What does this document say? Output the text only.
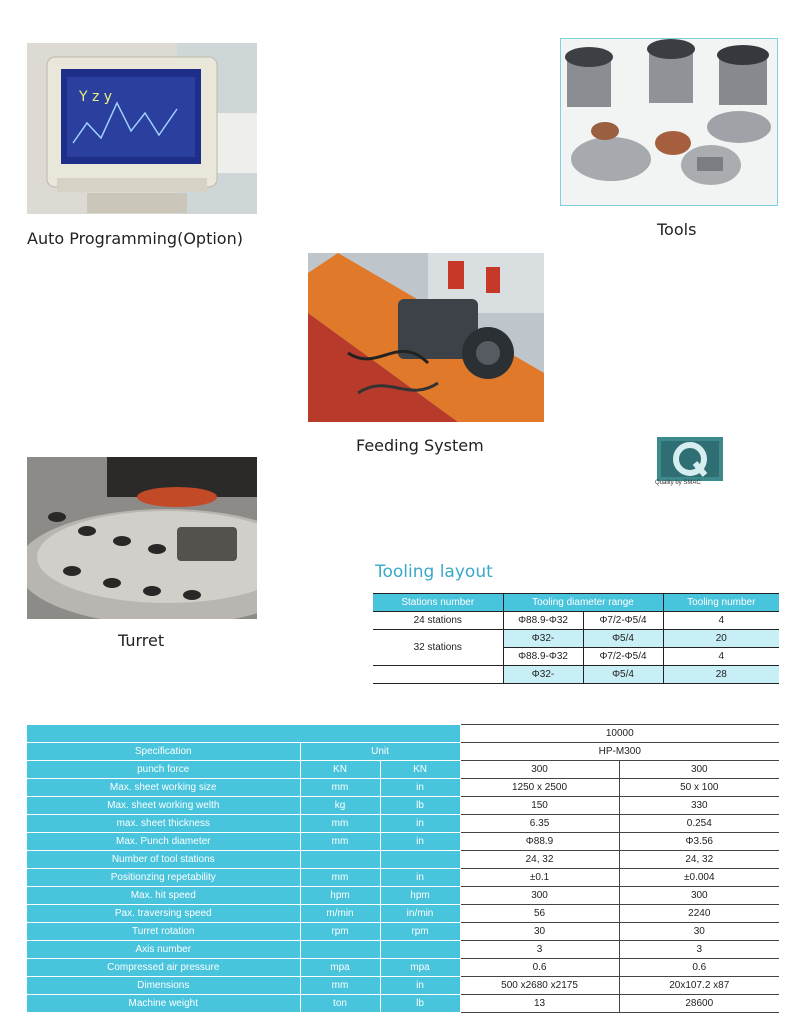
Y z y
Auto Programming(Option)	Tools
Feeding System
Quality by SMAC
Turret
Tooling layout
Stations number	Tooling diameter range		Tooling number
24 stations	Φ88.9-Φ32	Φ7/2-Φ5/4	4
32 stations	Φ32-	Φ5/4	20
	Φ88.9-Φ32	Φ7/2-Φ5/4	4
	Φ32-	Φ5/4	28
			10000	
Specification	Unit		HP-M300	
punch force	KN	KN	300	300
Max. sheet working size	mm	in	1250 x 2500	50 x 100
Max. sheet working welth	kg	lb	150	330
max. sheet thickness	mm	in	6.35	0.254
Max. Punch diameter	mm	in	Φ88.9	Φ3.56
Number of tool stations			24, 32	24, 32
Positionzing repetability	mm	in	±0.1	±0.004
Max. hit speed	hpm	hpm	300	300
Pax. traversing speed	m/min	in/min	56	2240
Turret rotation	rpm	rpm	30	30
Axis number			3	3
Compressed air pressure	mpa	mpa	0.6	0.6
Dimensions	mm	in	500 x2680 x2175	20x107.2 x87
Machine weight	ton	lb	13	28600
